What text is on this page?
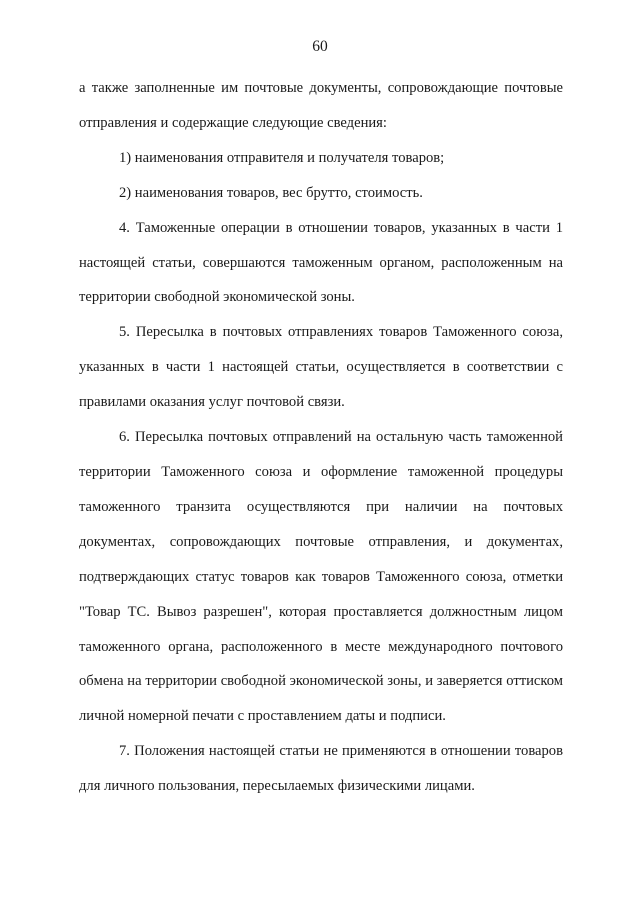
60

а также заполненные им почтовые документы, сопровождающие почтовые отправления и содержащие следующие сведения:

1) наименования отправителя и получателя товаров;

2) наименования товаров, вес брутто, стоимость.

4. Таможенные операции в отношении товаров, указанных в части 1 настоящей статьи, совершаются таможенным органом, расположенным на территории свободной экономической зоны.

5. Пересылка в почтовых отправлениях товаров Таможенного союза, указанных в части 1 настоящей статьи, осуществляется в соответствии с правилами оказания услуг почтовой связи.

6. Пересылка почтовых отправлений на остальную часть таможенной территории Таможенного союза и оформление таможенной процедуры таможенного транзита осуществляются при наличии на почтовых документах, сопровождающих почтовые отправления, и документах, подтверждающих статус товаров как товаров Таможенного союза, отметки "Товар ТС. Вывоз разрешен", которая проставляется должностным лицом таможенного органа, расположенного в месте международного почтового обмена на территории свободной экономической зоны, и заверяется оттиском личной номерной печати с проставлением даты и подписи.

7. Положения настоящей статьи не применяются в отношении товаров для личного пользования, пересылаемых физическими лицами.
